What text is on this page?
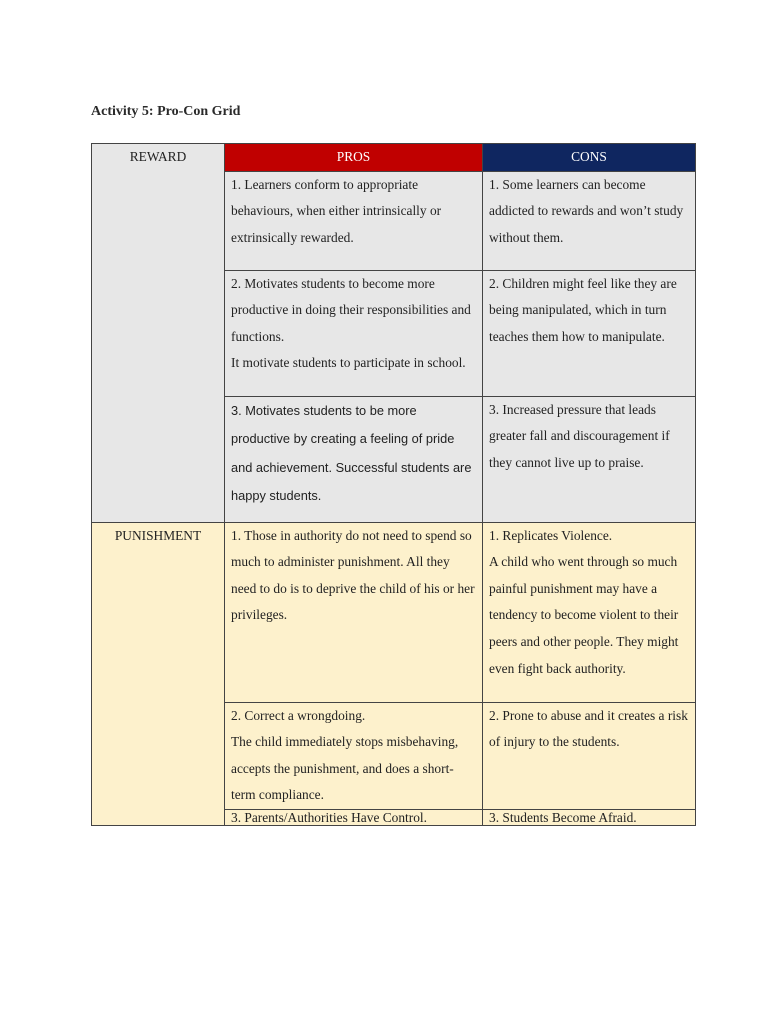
Activity 5: Pro-Con Grid
REWARD	PROS	CONS

	1. Learners conform to appropriate behaviours, when either intrinsically or extrinsically rewarded.	1. Some learners can become addicted to rewards and won’t study without them.

	2. Motivates students to become more productive in doing their responsibilities and functions.
It motivate students to participate in school.	2. Children might feel like they are being manipulated, which in turn teaches them how to manipulate.

	3. Motivates students to be more productive by creating a feeling of pride and achievement. Successful students are happy students.	3. Increased pressure that leads greater fall and discouragement if they cannot live up to praise.

PUNISHMENT	1. Those in authority do not need to spend so much to administer punishment. All they need to do is to deprive the child of his or her privileges.	1. Replicates Violence.
A child who went through so much painful punishment may have a tendency to become violent to their peers and other people. They might even fight back authority.

	2. Correct a wrongdoing.
The child immediately stops misbehaving, accepts the punishment, and does a short-term compliance.	2. Prone to abuse and it creates a risk of injury to the students.

	3. Parents/Authorities Have Control.	3. Students Become Afraid.
